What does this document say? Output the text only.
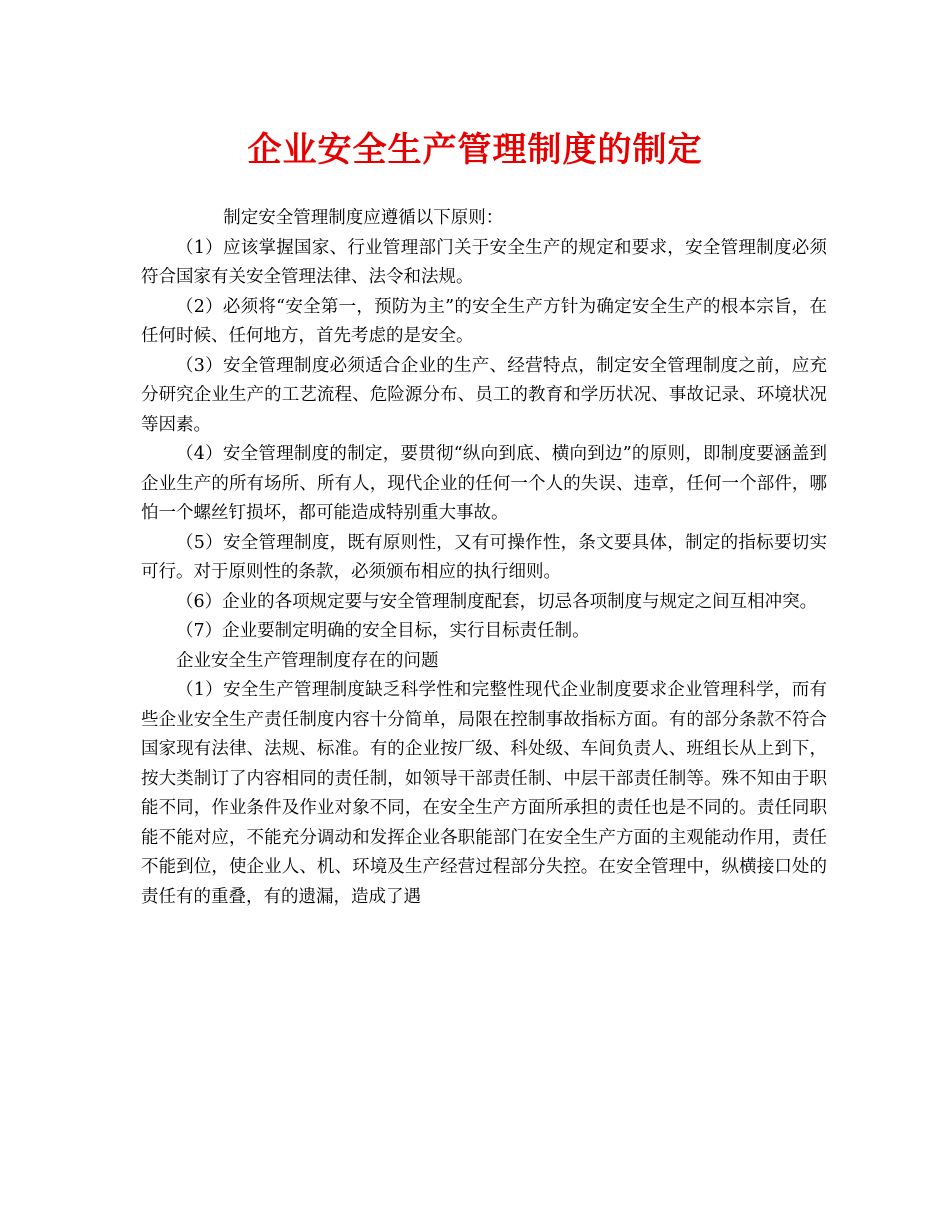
企业安全生产管理制度的制定

制定安全管理制度应遵循以下原则：

（1）应该掌握国家、行业管理部门关于安全生产的规定和要求，安全管理制度必须符合国家有关安全管理法律、法令和法规。

（2）必须将“安全第一，预防为主”的安全生产方针为确定安全生产的根本宗旨，在任何时候、任何地方，首先考虑的是安全。

（3）安全管理制度必须适合企业的生产、经营特点，制定安全管理制度之前，应充分研究企业生产的工艺流程、危险源分布、员工的教育和学历状况、事故记录、环境状况等因素。

（4）安全管理制度的制定，要贯彻“纵向到底、横向到边”的原则，即制度要涵盖到企业生产的所有场所、所有人，现代企业的任何一个人的失误、违章，任何一个部件，哪怕一个螺丝钉损坏，都可能造成特别重大事故。

（5）安全管理制度，既有原则性，又有可操作性，条文要具体，制定的指标要切实可行。对于原则性的条款，必须颁布相应的执行细则。

（6）企业的各项规定要与安全管理制度配套，切忌各项制度与规定之间互相冲突。

（7）企业要制定明确的安全目标，实行目标责任制。

企业安全生产管理制度存在的问题

（1）安全生产管理制度缺乏科学性和完整性现代企业制度要求企业管理科学，而有些企业安全生产责任制度内容十分简单，局限在控制事故指标方面。有的部分条款不符合国家现有法律、法规、标准。有的企业按厂级、科处级、车间负责人、班组长从上到下，按大类制订了内容相同的责任制，如领导干部责任制、中层干部责任制等。殊不知由于职能不同，作业条件及作业对象不同，在安全生产方面所承担的责任也是不同的。责任同职能不能对应，不能充分调动和发挥企业各职能部门在安全生产方面的主观能动作用，责任不能到位，使企业人、机、环境及生产经营过程部分失控。在安全管理中，纵横接口处的责任有的重叠，有的遗漏，造成了遇
